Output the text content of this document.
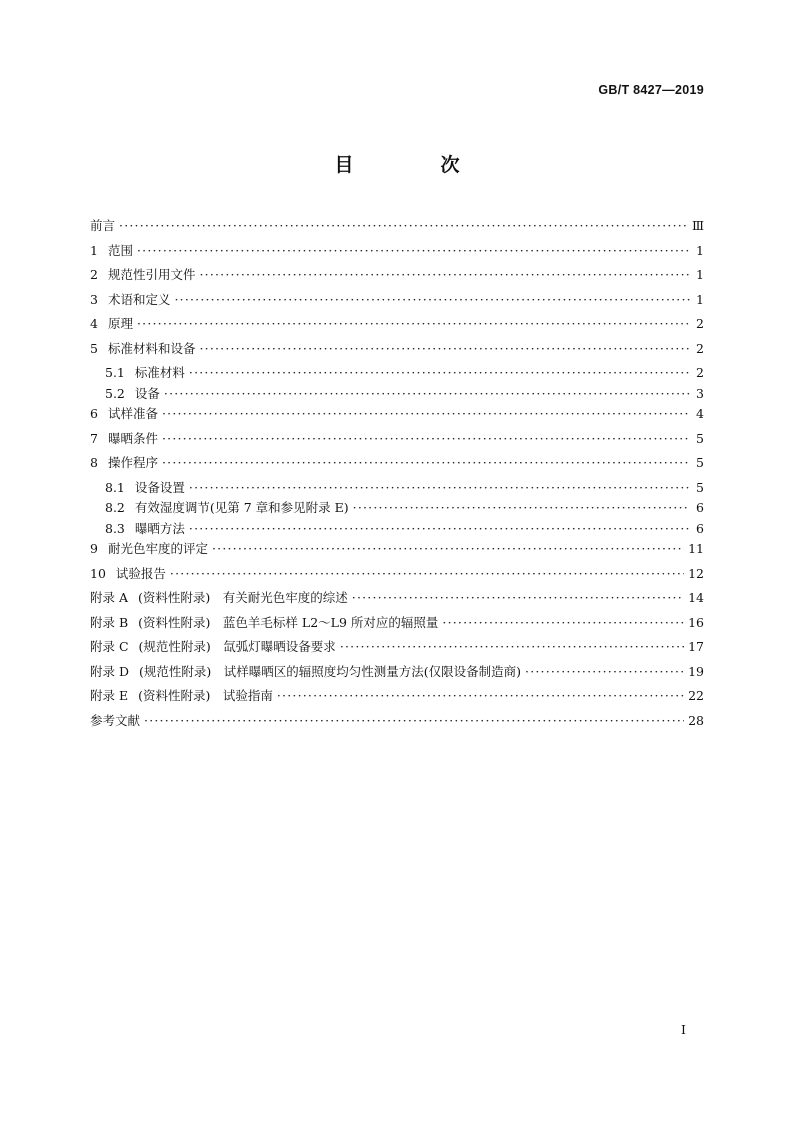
GB/T 8427—2019
目　次
前言 ·····	Ⅲ
1 范围 ·····	1
2 规范性引用文件 ·····	1
3 术语和定义 ·····	1
4 原理 ·····	2
5 标准材料和设备 ·····	2
5.1 标准材料 ·····	2
5.2 设备 ·····	3
6 试样准备 ·····	4
7 曝晒条件 ·····	5
8 操作程序 ·····	5
8.1 设备设置 ·····	5
8.2 有效湿度调节(见第 7 章和参见附录 E) ·····	6
8.3 曝晒方法 ·····	6
9 耐光色牢度的评定 ·····	11
10 试验报告 ·····	12
附录 A (资料性附录)　有关耐光色牢度的综述 ·····	14
附录 B (资料性附录)　蓝色羊毛标样 L2～L9 所对应的辐照量 ·····	16
附录 C (规范性附录)　氙弧灯曝晒设备要求 ·····	17
附录 D (规范性附录)　试样曝晒区的辐照度均匀性测量方法(仅限设备制造商) ·····	19
附录 E (资料性附录)　试验指南 ·····	22
参考文献 ·····	28
I
